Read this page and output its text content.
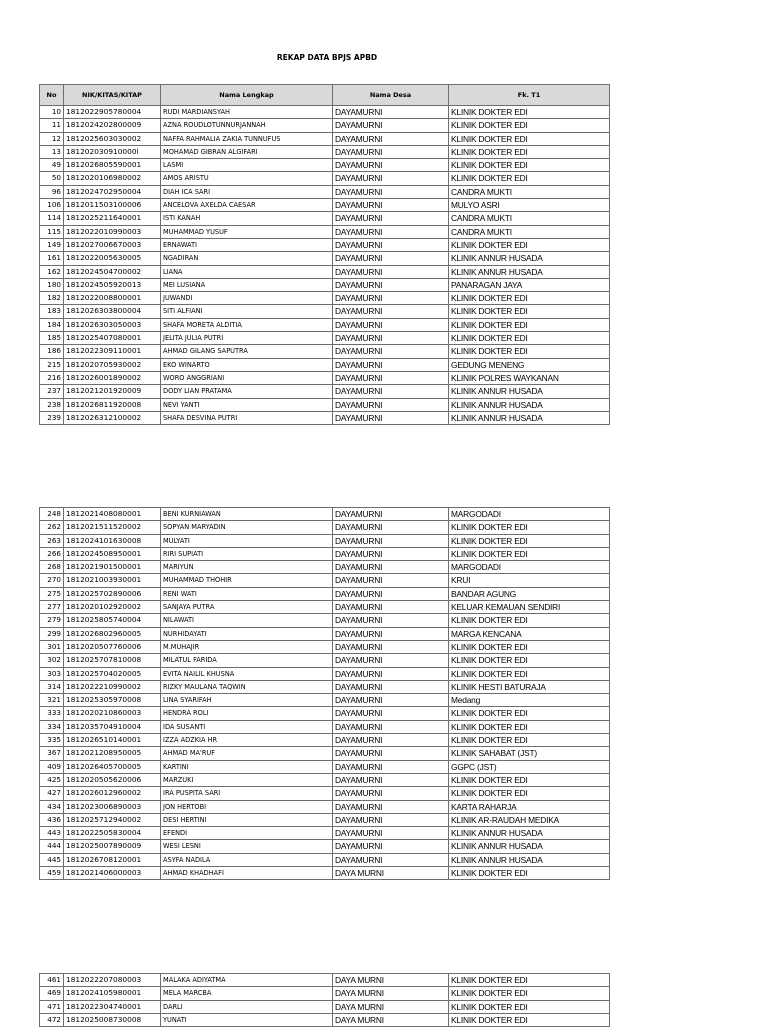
REKAP DATA BPJS APBD
No	NIK/KITAS/KITAP	Nama Lengkap	Nama Desa	Fk. T1
10	1812022905780004	RUDI MARDIANSYAH	DAYAMURNI	KLINIK DOKTER EDI
11	1812024202800009	AZNA ROUDLOTUNNURJANNAH	DAYAMURNI	KLINIK DOKTER EDI
12	1812025603030002	NAFFA RAHMALIA ZAKIA TUNNUFUS	DAYAMURNI	KLINIK DOKTER EDI
13	181202030910000l	MOHAMAD GIBRAN ALGIFARI	DAYAMURNI	KLINIK DOKTER EDI
49	1812026805590001	LASMI	DAYAMURNI	KLINIK DOKTER EDI
50	1812020106980002	AMOS ARISTU	DAYAMURNI	KLINIK DOKTER EDI
96	1812024702950004	DIAH ICA SARI	DAYAMURNI	CANDRA MUKTI
106	1812011503100006	ANCELOVA AXELDA CAESAR	DAYAMURNI	MULYO ASRI
114	1812025211640001	ISTI KANAH	DAYAMURNI	CANDRA MUKTI
115	1812022010990003	MUHAMMAD YUSUF	DAYAMURNI	CANDRA MUKTI
149	1812027006670003	ERNAWATI	DAYAMURNI	KLINIK DOKTER EDI
161	1812022005630005	NGADIRAN	DAYAMURNI	KLINIK ANNUR HUSADA
162	1812024504700002	LIANA	DAYAMURNI	KLINIK ANNUR HUSADA
180	1812024505920013	MEI LUSIANA	DAYAMURNI	PANARAGAN JAYA
182	1812022008800001	JUWANDI	DAYAMURNI	KLINIK DOKTER EDI
183	1812026303800004	SITI ALFIANI	DAYAMURNI	KLINIK DOKTER EDI
184	1812026303050003	SHAFA MORETA ALDITIA	DAYAMURNI	KLINIK DOKTER EDI
185	1812025407080001	JELITA JULIA PUTRI	DAYAMURNI	KLINIK DOKTER EDI
186	1812022309110001	AHMAD GILANG SAPUTRA	DAYAMURNI	KLINIK DOKTER EDI
215	1812020705930002	EKO WINARTO	DAYAMURNI	GEDUNG MENENG
216	1812026001890002	WORO ANGGRIANI	DAYAMURNI	KLINIK POLRES WAYKANAN
237	1812021201920009	DODY LIAN PRATAMA	DAYAMURNI	KLINIK ANNUR HUSADA
238	1812026811920008	NEVI YANTI	DAYAMURNI	KLINIK ANNUR HUSADA
239	1812026312100002	SHAFA DESVINA PUTRI	DAYAMURNI	KLINIK ANNUR HUSADA
248	1812021408080001	BENI KURNIAWAN	DAYAMURNI	MARGODADI
262	1812021511520002	SOPYAN MARYADIN	DAYAMURNI	KLINIK DOKTER EDI
263	1812024101630008	MULYATI	DAYAMURNI	KLINIK DOKTER EDI
266	1812024508950001	RIRI SUPIATI	DAYAMURNI	KLINIK DOKTER EDI
268	1812021901500001	MARIYUN	DAYAMURNI	MARGODADI
270	1812021003930001	MUHAMMAD THOHIR	DAYAMURNI	KRUI
275	1812025702890006	RENI WATI	DAYAMURNI	BANDAR AGUNG
277	1812020102920002	SANJAYA PUTRA	DAYAMURNI	KELUAR KEMAUAN SENDIRI
279	1812025805740004	NILAWATI	DAYAMURNI	KLINIK DOKTER EDI
299	1812026802960005	NURHIDAYATI	DAYAMURNI	MARGA KENCANA
301	1812020507760006	M.MUHAJIR	DAYAMURNI	KLINIK DOKTER EDI
302	1812025707810008	MILATUL FARIDA	DAYAMURNI	KLINIK DOKTER EDI
303	1812025704020005	EVITA NAILIL KHUSNA	DAYAMURNI	KLINIK DOKTER EDI
314	1812022210990002	RIZKY MAULANA TAQWIN	DAYAMURNI	KLINIK HESTI BATURAJA
321	1812025305970008	LINA SYARIFAH	DAYAMURNI	Medang
333	1812020210860003	HENDRA ROLI	DAYAMURNI	KLINIK DOKTER EDI
334	1812035704910004	IDA SUSANTI	DAYAMURNI	KLINIK DOKTER EDI
335	1812026510140001	IZZA ADZKIA HR	DAYAMURNI	KLINIK DOKTER EDI
367	1812021208950005	AHMAD MA'RUF	DAYAMURNI	KLINIK SAHABAT (JST)
409	1812026405700005	KARTINI	DAYAMURNI	GGPC (JST)
425	1812020505620006	MARZUKI	DAYAMURNI	KLINIK DOKTER EDI
427	1812026012960002	IRA PUSPITA SARI	DAYAMURNI	KLINIK DOKTER EDI
434	1812023006890003	JON HERTOBI	DAYAMURNI	KARTA RAHARJA
436	1812025712940002	DESI HERTINI	DAYAMURNI	KLINIK AR-RAUDAH MEDIKA
443	1812022505830004	EFENDI	DAYAMURNI	KLINIK ANNUR HUSADA
444	1812025007890009	WESI LESNI	DAYAMURNI	KLINIK ANNUR HUSADA
445	1812026708120001	ASYFA NADILA	DAYAMURNI	KLINIK ANNUR HUSADA
459	1812021406000003	AHMAD KHADHAFI	DAYA MURNI	KLINIK DOKTER EDI
461	1812022207080003	MALAKA ADIYATMA	DAYA MURNI	KLINIK DOKTER EDI
469	1812024105980001	MELA MARCBA	DAYA MURNI	KLINIK DOKTER EDI
471	1812022304740001	DARLI	DAYA MURNI	KLINIK DOKTER EDI
472	1812025008730008	YUNATI	DAYA MURNI	KLINIK DOKTER EDI
